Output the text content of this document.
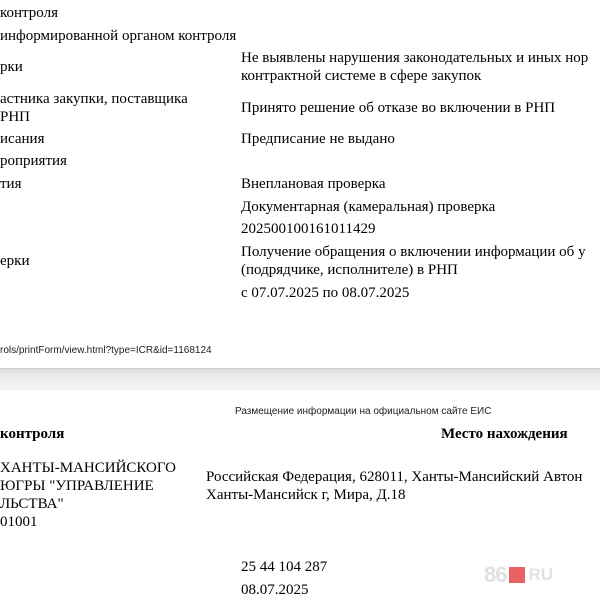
контроля
информированной органом контроля
рки
астника закупки, поставщика
РНП
исания
роприятия
тия
ерки
Не выявлены нарушения законодательных и иных нор
контрактной системе в сфере закупок
Принято решение об отказе во включении в РНП
Предписание не выдано
Внеплановая проверка
Документарная (камеральная) проверка
202500100161011429
Получение обращения о включении информации об у
(подрядчике, исполнителе) в РНП
с 07.07.2025 по 08.07.2025
rols/printForm/view.html?type=ICR&id=1168124
Размещение информации на официальном сайте ЕИС
контроля	Место нахождения
ХАНТЫ-МАНСИЙСКОГО
ЮГРЫ "УПРАВЛЕНИЕ
ЛЬСТВА"
01001
Российская Федерация, 628011, Ханты-Мансийский Автон
Ханты-Мансийск г, Мира, Д.18
25 44 104 287
08.07.2025
86 RU
